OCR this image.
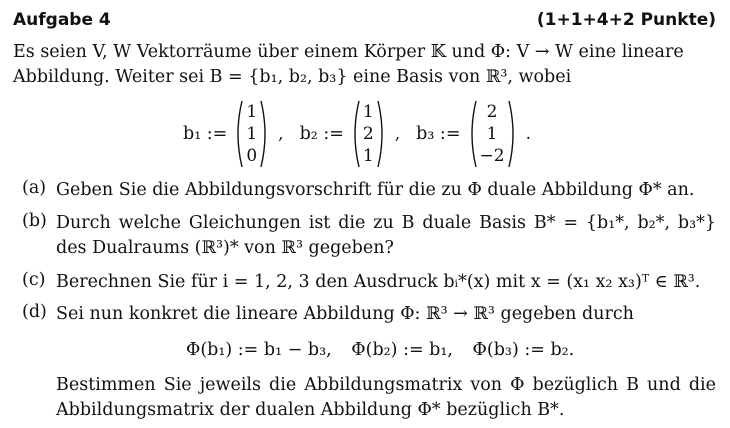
Aufgabe 4	(1+1+4+2 Punkte)

Es seien V, W Vektorräume über einem Körper 𝕂 und Φ: V → W eine lineare

Abbildung. Weiter sei B = {b₁, b₂, b₃} eine Basis von ℝ³, wobei

b₁ :=
1
1
0
, b₂ :=
1
2
1
, b₃ :=
2
1
−2
.
(a) Geben Sie die Abbildungsvorschrift für die zu Φ duale Abbildung Φ* an.
(b) Durch welche Gleichungen ist die zu B duale Basis B* = {b₁*, b₂*, b₃*} des Dualraums (ℝ³)* von ℝ³ gegeben?
(c) Berechnen Sie für i = 1, 2, 3 den Ausdruck bᵢ*(x) mit x = (x₁ x₂ x₃)ᵀ ∈ ℝ³.
(d) Sei nun konkret die lineare Abbildung Φ: ℝ³ → ℝ³ gegeben durch
Φ(b₁) := b₁ − b₃, Φ(b₂) := b₁, Φ(b₃) := b₂.
Bestimmen Sie jeweils die Abbildungsmatrix von Φ bezüglich B und die Abbildungsmatrix der dualen Abbildung Φ* bezüglich B*.
